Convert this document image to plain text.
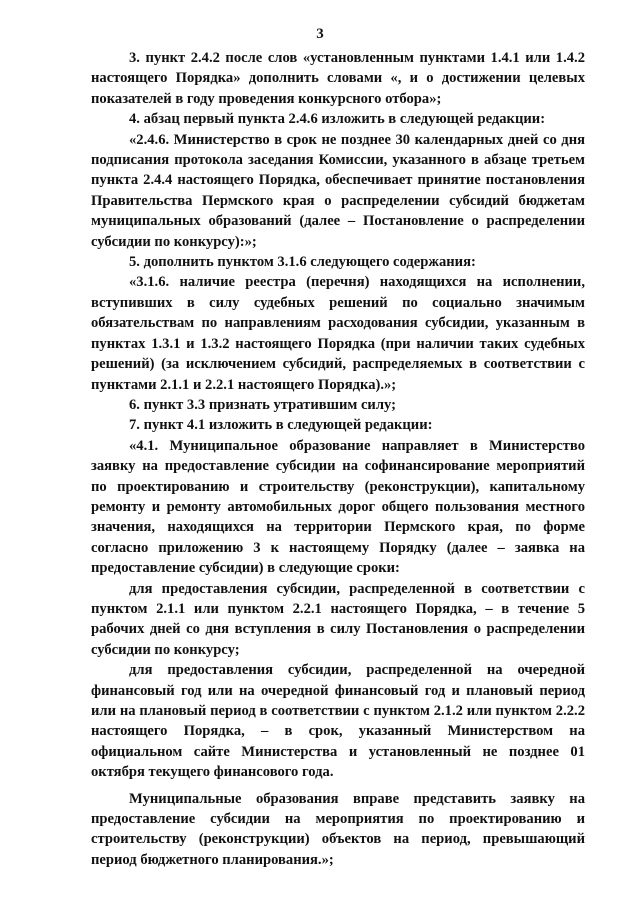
3

3. пункт 2.4.2 после слов «установленным пунктами 1.4.1 или 1.4.2 настоящего Порядка» дополнить словами «, и о достижении целевых показателей в году проведения конкурсного отбора»;

4. абзац первый пункта 2.4.6 изложить в следующей редакции:

«2.4.6. Министерство в срок не позднее 30 календарных дней со дня подписания протокола заседания Комиссии, указанного в абзаце третьем пункта 2.4.4 настоящего Порядка, обеспечивает принятие постановления Правительства Пермского края о распределении субсидий бюджетам муниципальных образований (далее – Постановление о распределении субсидии по конкурсу):»;

5. дополнить пунктом 3.1.6 следующего содержания:

«3.1.6. наличие реестра (перечня) находящихся на исполнении, вступивших в силу судебных решений по социально значимым обязательствам по направлениям расходования субсидии, указанным в пунктах 1.3.1 и 1.3.2 настоящего Порядка (при наличии таких судебных решений) (за исключением субсидий, распределяемых в соответствии с пунктами 2.1.1 и 2.2.1 настоящего Порядка).»;

6. пункт 3.3 признать утратившим силу;

7. пункт 4.1 изложить в следующей редакции:

«4.1. Муниципальное образование направляет в Министерство заявку на предоставление субсидии на софинансирование мероприятий по проектированию и строительству (реконструкции), капитальному ремонту и ремонту автомобильных дорог общего пользования местного значения, находящихся на территории Пермского края, по форме согласно приложению 3 к настоящему Порядку (далее – заявка на предоставление субсидии) в следующие сроки:

для предоставления субсидии, распределенной в соответствии с пунктом 2.1.1 или пунктом 2.2.1 настоящего Порядка, – в течение 5 рабочих дней со дня вступления в силу Постановления о распределении субсидии по конкурсу;

для предоставления субсидии, распределенной на очередной финансовый год или на очередной финансовый год и плановый период или на плановый период в соответствии с пунктом 2.1.2 или пунктом 2.2.2 настоящего Порядка, – в срок, указанный Министерством на официальном сайте Министерства и установленный не позднее 01 октября текущего финансового года.

Муниципальные образования вправе представить заявку на предоставление субсидии на мероприятия по проектированию и строительству (реконструкции) объектов на период, превышающий период бюджетного планирования.»;
